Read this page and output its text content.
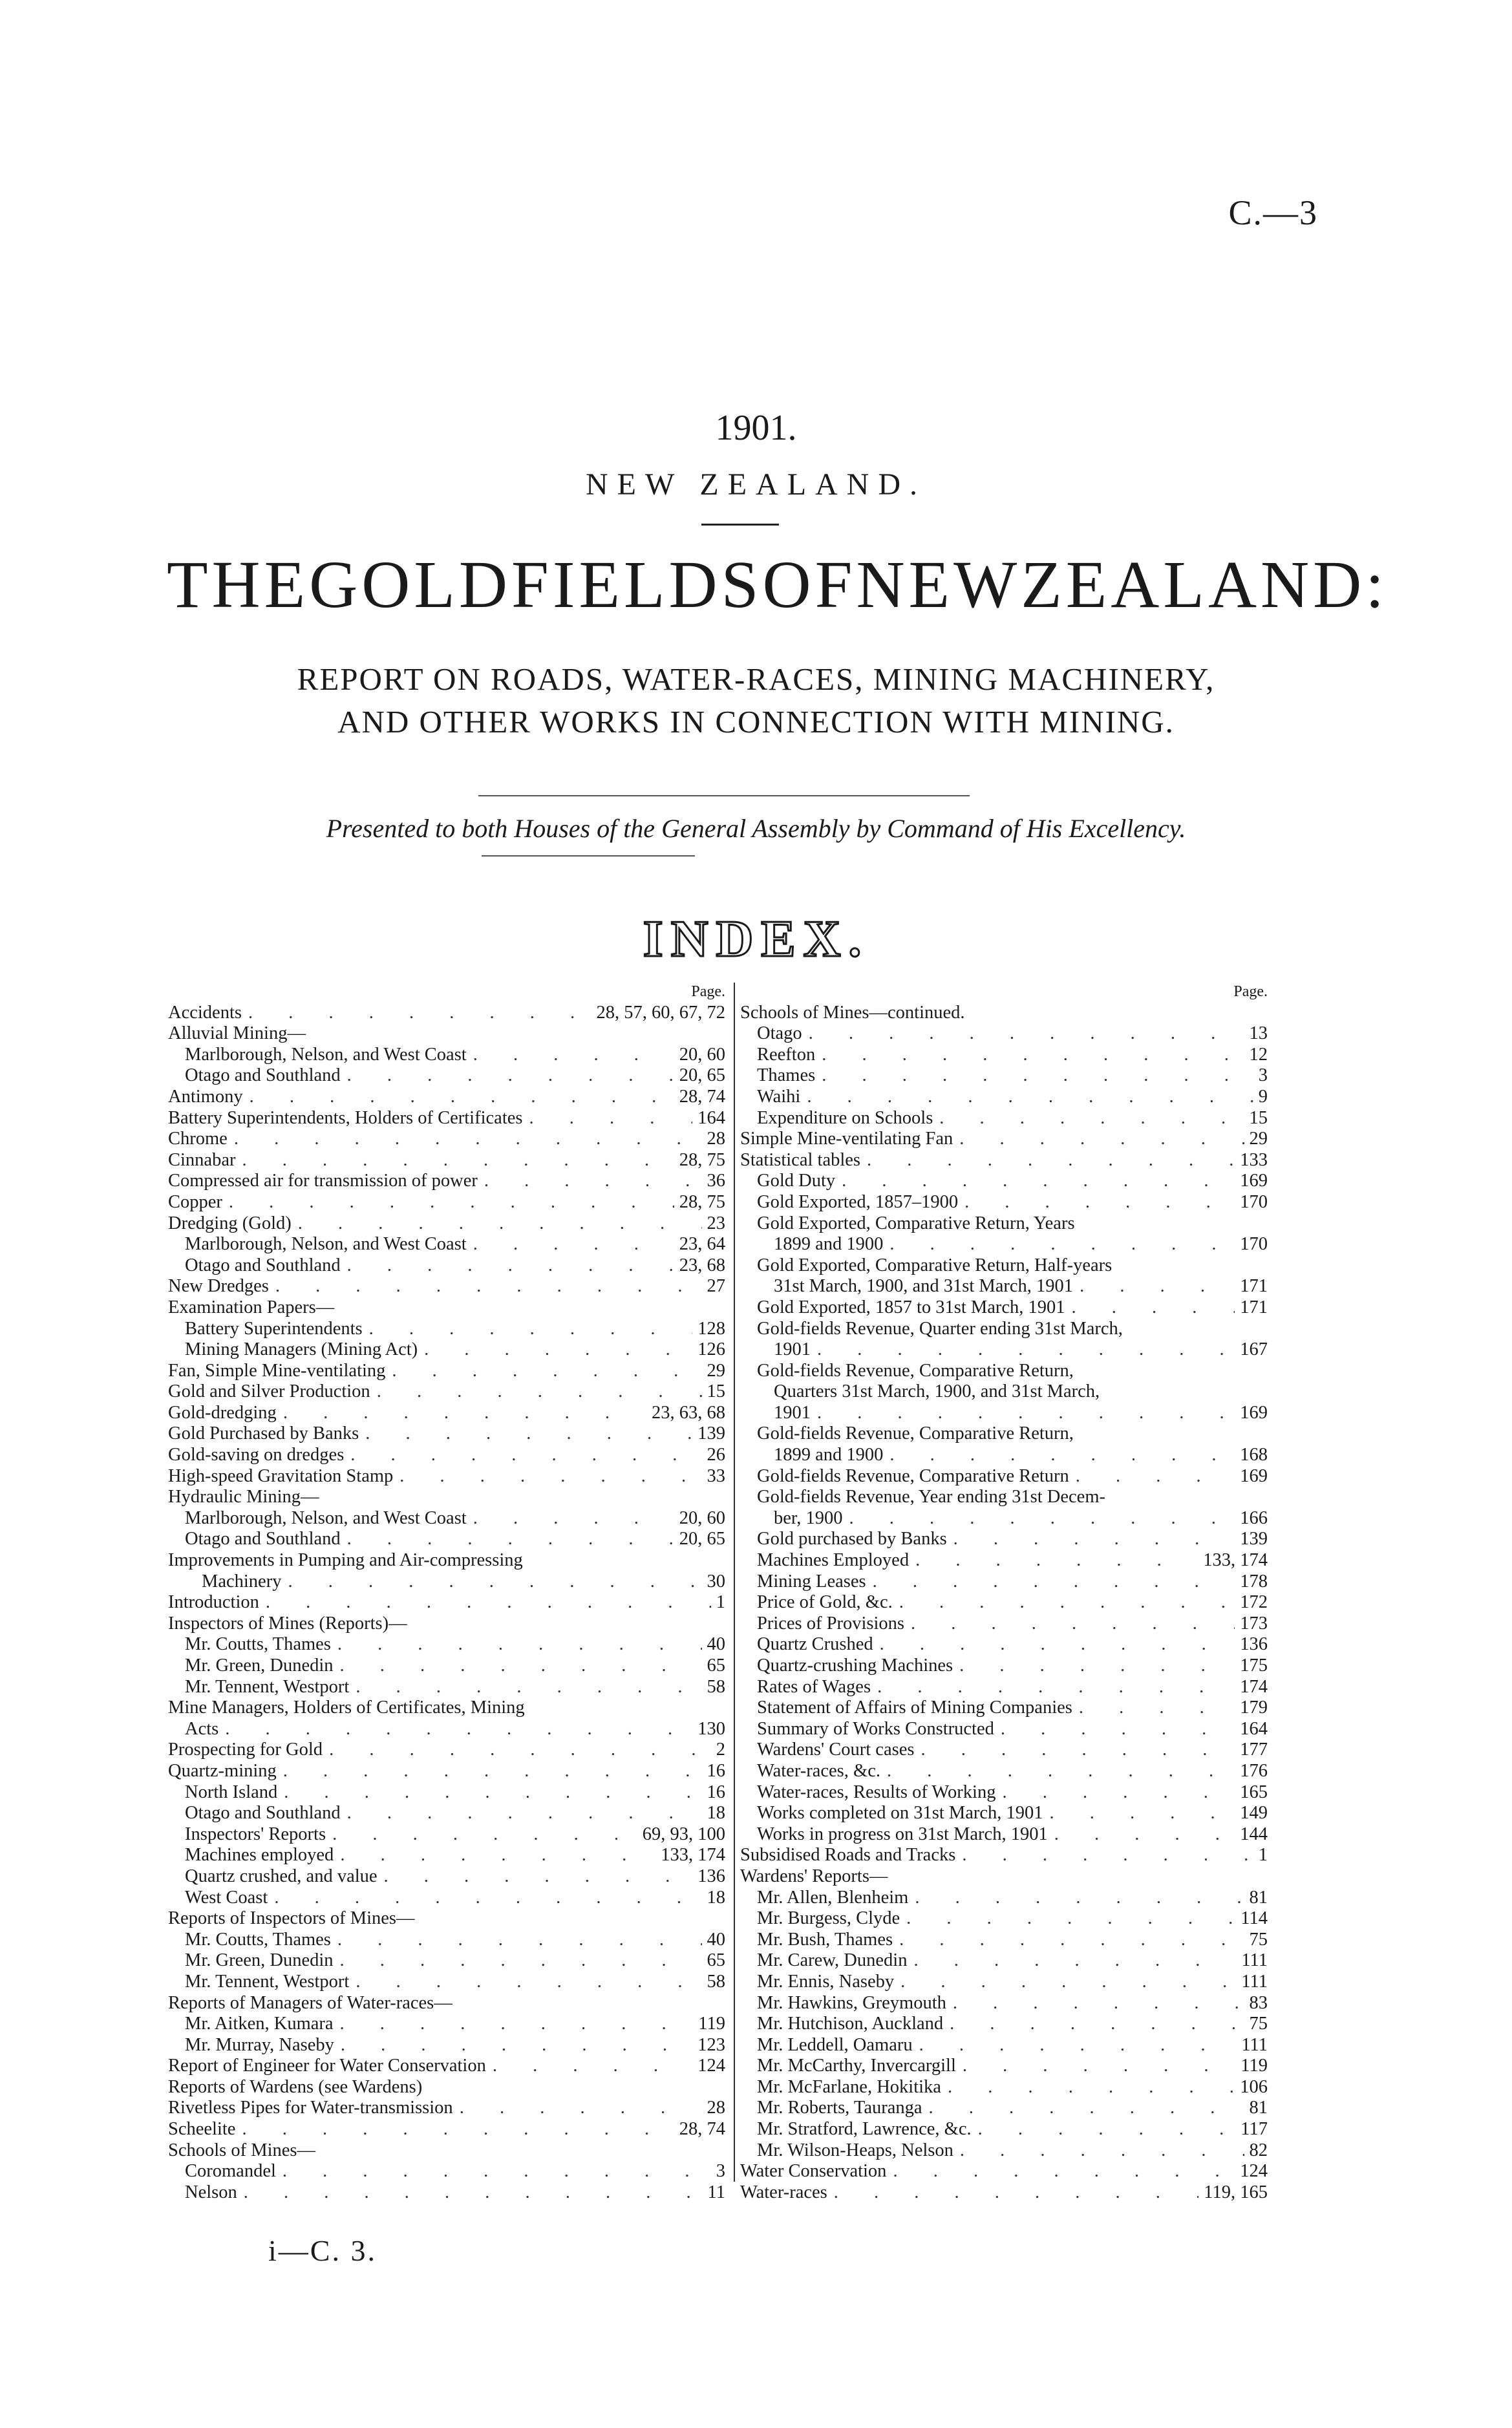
C.—3
1901.
NEW ZEALAND.
THE GOLDFIELDS OF NEW ZEALAND:
REPORT ON ROADS, WATER-RACES, MINING MACHINERY,
AND OTHER WORKS IN CONNECTION WITH MINING.
Presented to both Houses of the General Assembly by Command of His Excellency.
INDEX.
Page.
Accidents . . .	28, 57, 60, 67, 72
Alluvial Mining—
Marlborough, Nelson, and West Coast . . .	20, 60
Otago and Southland . . .	20, 65
Antimony . . .	28, 74
Battery Superintendents, Holders of Certificates . . .	164
Chrome . . .	28
Cinnabar . . .	28, 75
Compressed air for transmission of power . . .	36
Copper . . .	28, 75
Dredging (Gold) . . .	23
Marlborough, Nelson, and West Coast . . .	23, 64
Otago and Southland . . .	23, 68
New Dredges . . .	27
Examination Papers—
Battery Superintendents . . .	128
Mining Managers (Mining Act) . . .	126
Fan, Simple Mine-ventilating . . .	29
Gold and Silver Production . . .	15
Gold-dredging . . .	23, 63, 68
Gold Purchased by Banks . . .	139
Gold-saving on dredges . . .	26
High-speed Gravitation Stamp . . .	33
Hydraulic Mining—
Marlborough, Nelson, and West Coast . . .	20, 60
Otago and Southland . . .	20, 65
Improvements in Pumping and Air-compressing
Machinery . . .	30
Introduction . . .	1
Inspectors of Mines (Reports)—
Mr. Coutts, Thames . . .	40
Mr. Green, Dunedin . . .	65
Mr. Tennent, Westport . . .	58
Mine Managers, Holders of Certificates, Mining
Acts . . .	130
Prospecting for Gold . . .	2
Quartz-mining . . .	16
North Island . . .	16
Otago and Southland . . .	18
Inspectors' Reports . . .	69, 93, 100
Machines employed . . .	133, 174
Quartz crushed, and value . . .	136
West Coast . . .	18
Reports of Inspectors of Mines—
Mr. Coutts, Thames . . .	40
Mr. Green, Dunedin . . .	65
Mr. Tennent, Westport . . .	58
Reports of Managers of Water-races—
Mr. Aitken, Kumara . . .	119
Mr. Murray, Naseby . . .	123
Report of Engineer for Water Conservation . . .	124
Reports of Wardens (see Wardens)
Rivetless Pipes for Water-transmission . . .	28
Scheelite . . .	28, 74
Schools of Mines—
Coromandel . . .	3
Nelson . . .	11
Page.
Schools of Mines—continued.
Otago . . .	13
Reefton . . .	12
Thames . . .	3
Waihi . . .	9
Expenditure on Schools . . .	15
Simple Mine-ventilating Fan . . .	29
Statistical tables . . .	133
Gold Duty . . .	169
Gold Exported, 1857–1900 . . .	170
Gold Exported, Comparative Return, Years
1899 and 1900 . . .	170
Gold Exported, Comparative Return, Half-years
31st March, 1900, and 31st March, 1901 . . .	171
Gold Exported, 1857 to 31st March, 1901 . . .	171
Gold-fields Revenue, Quarter ending 31st March,
1901 . . .	167
Gold-fields Revenue, Comparative Return,
Quarters 31st March, 1900, and 31st March,
1901 . . .	169
Gold-fields Revenue, Comparative Return,
1899 and 1900 . . .	168
Gold-fields Revenue, Comparative Return . . .	169
Gold-fields Revenue, Year ending 31st Decem-
ber, 1900 . . .	166
Gold purchased by Banks . . .	139
Machines Employed . . .	133, 174
Mining Leases . . .	178
Price of Gold, &c. . . .	172
Prices of Provisions . . .	173
Quartz Crushed . . .	136
Quartz-crushing Machines . . .	175
Rates of Wages . . .	174
Statement of Affairs of Mining Companies . . .	179
Summary of Works Constructed . . .	164
Wardens' Court cases . . .	177
Water-races, &c. . . .	176
Water-races, Results of Working . . .	165
Works completed on 31st March, 1901 . . .	149
Works in progress on 31st March, 1901 . . .	144
Subsidised Roads and Tracks . . .	1
Wardens' Reports—
Mr. Allen, Blenheim . . .	81
Mr. Burgess, Clyde . . .	114
Mr. Bush, Thames . . .	75
Mr. Carew, Dunedin . . .	111
Mr. Ennis, Naseby . . .	111
Mr. Hawkins, Greymouth . . .	83
Mr. Hutchison, Auckland . . .	75
Mr. Leddell, Oamaru . . .	111
Mr. McCarthy, Invercargill . . .	119
Mr. McFarlane, Hokitika . . .	106
Mr. Roberts, Tauranga . . .	81
Mr. Stratford, Lawrence, &c. . . .	117
Mr. Wilson-Heaps, Nelson . . .	82
Water Conservation . . .	124
Water-races . . .	119, 165
i—C. 3.
